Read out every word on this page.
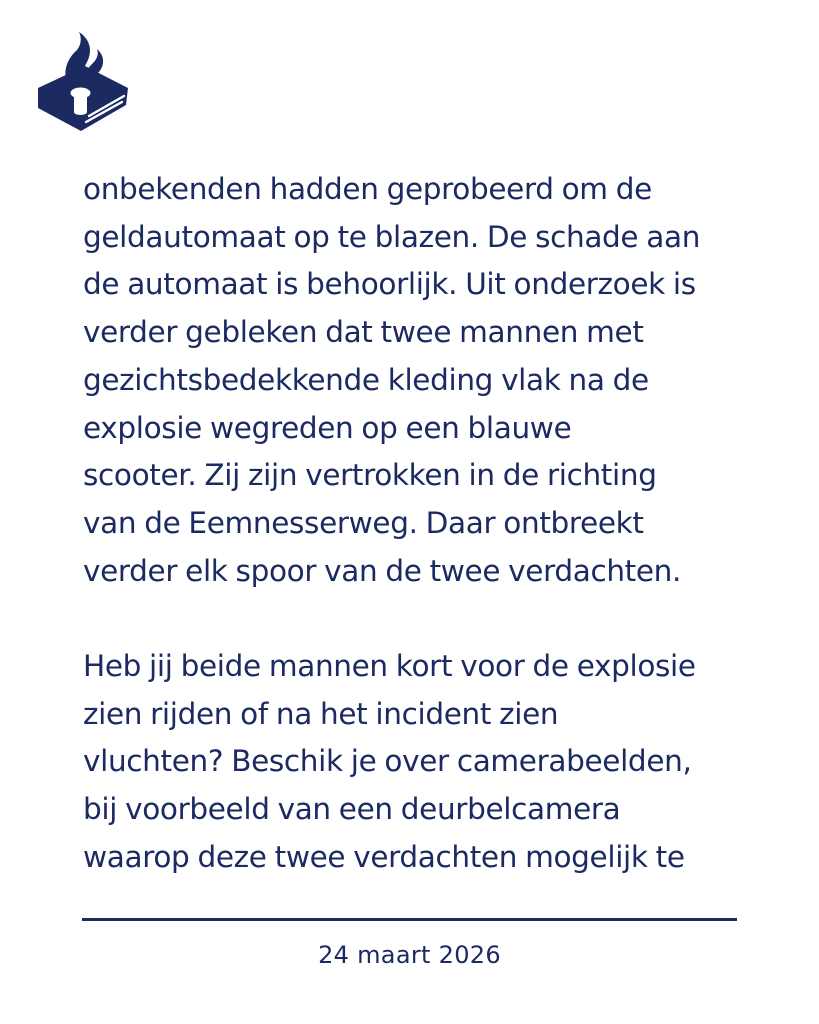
onbekenden hadden geprobeerd om de
geldautomaat op te blazen. De schade aan
de automaat is behoorlijk. Uit onderzoek is
verder gebleken dat twee mannen met
gezichtsbedekkende kleding vlak na de
explosie wegreden op een blauwe
scooter. Zij zijn vertrokken in de richting
van de Eemnesserweg. Daar ontbreekt
verder elk spoor van de twee verdachten.

Heb jij beide mannen kort voor de explosie
zien rijden of na het incident zien
vluchten? Beschik je over camerabeelden,
bij voorbeeld van een deurbelcamera
waarop deze twee verdachten mogelijk te

24 maart 2026
